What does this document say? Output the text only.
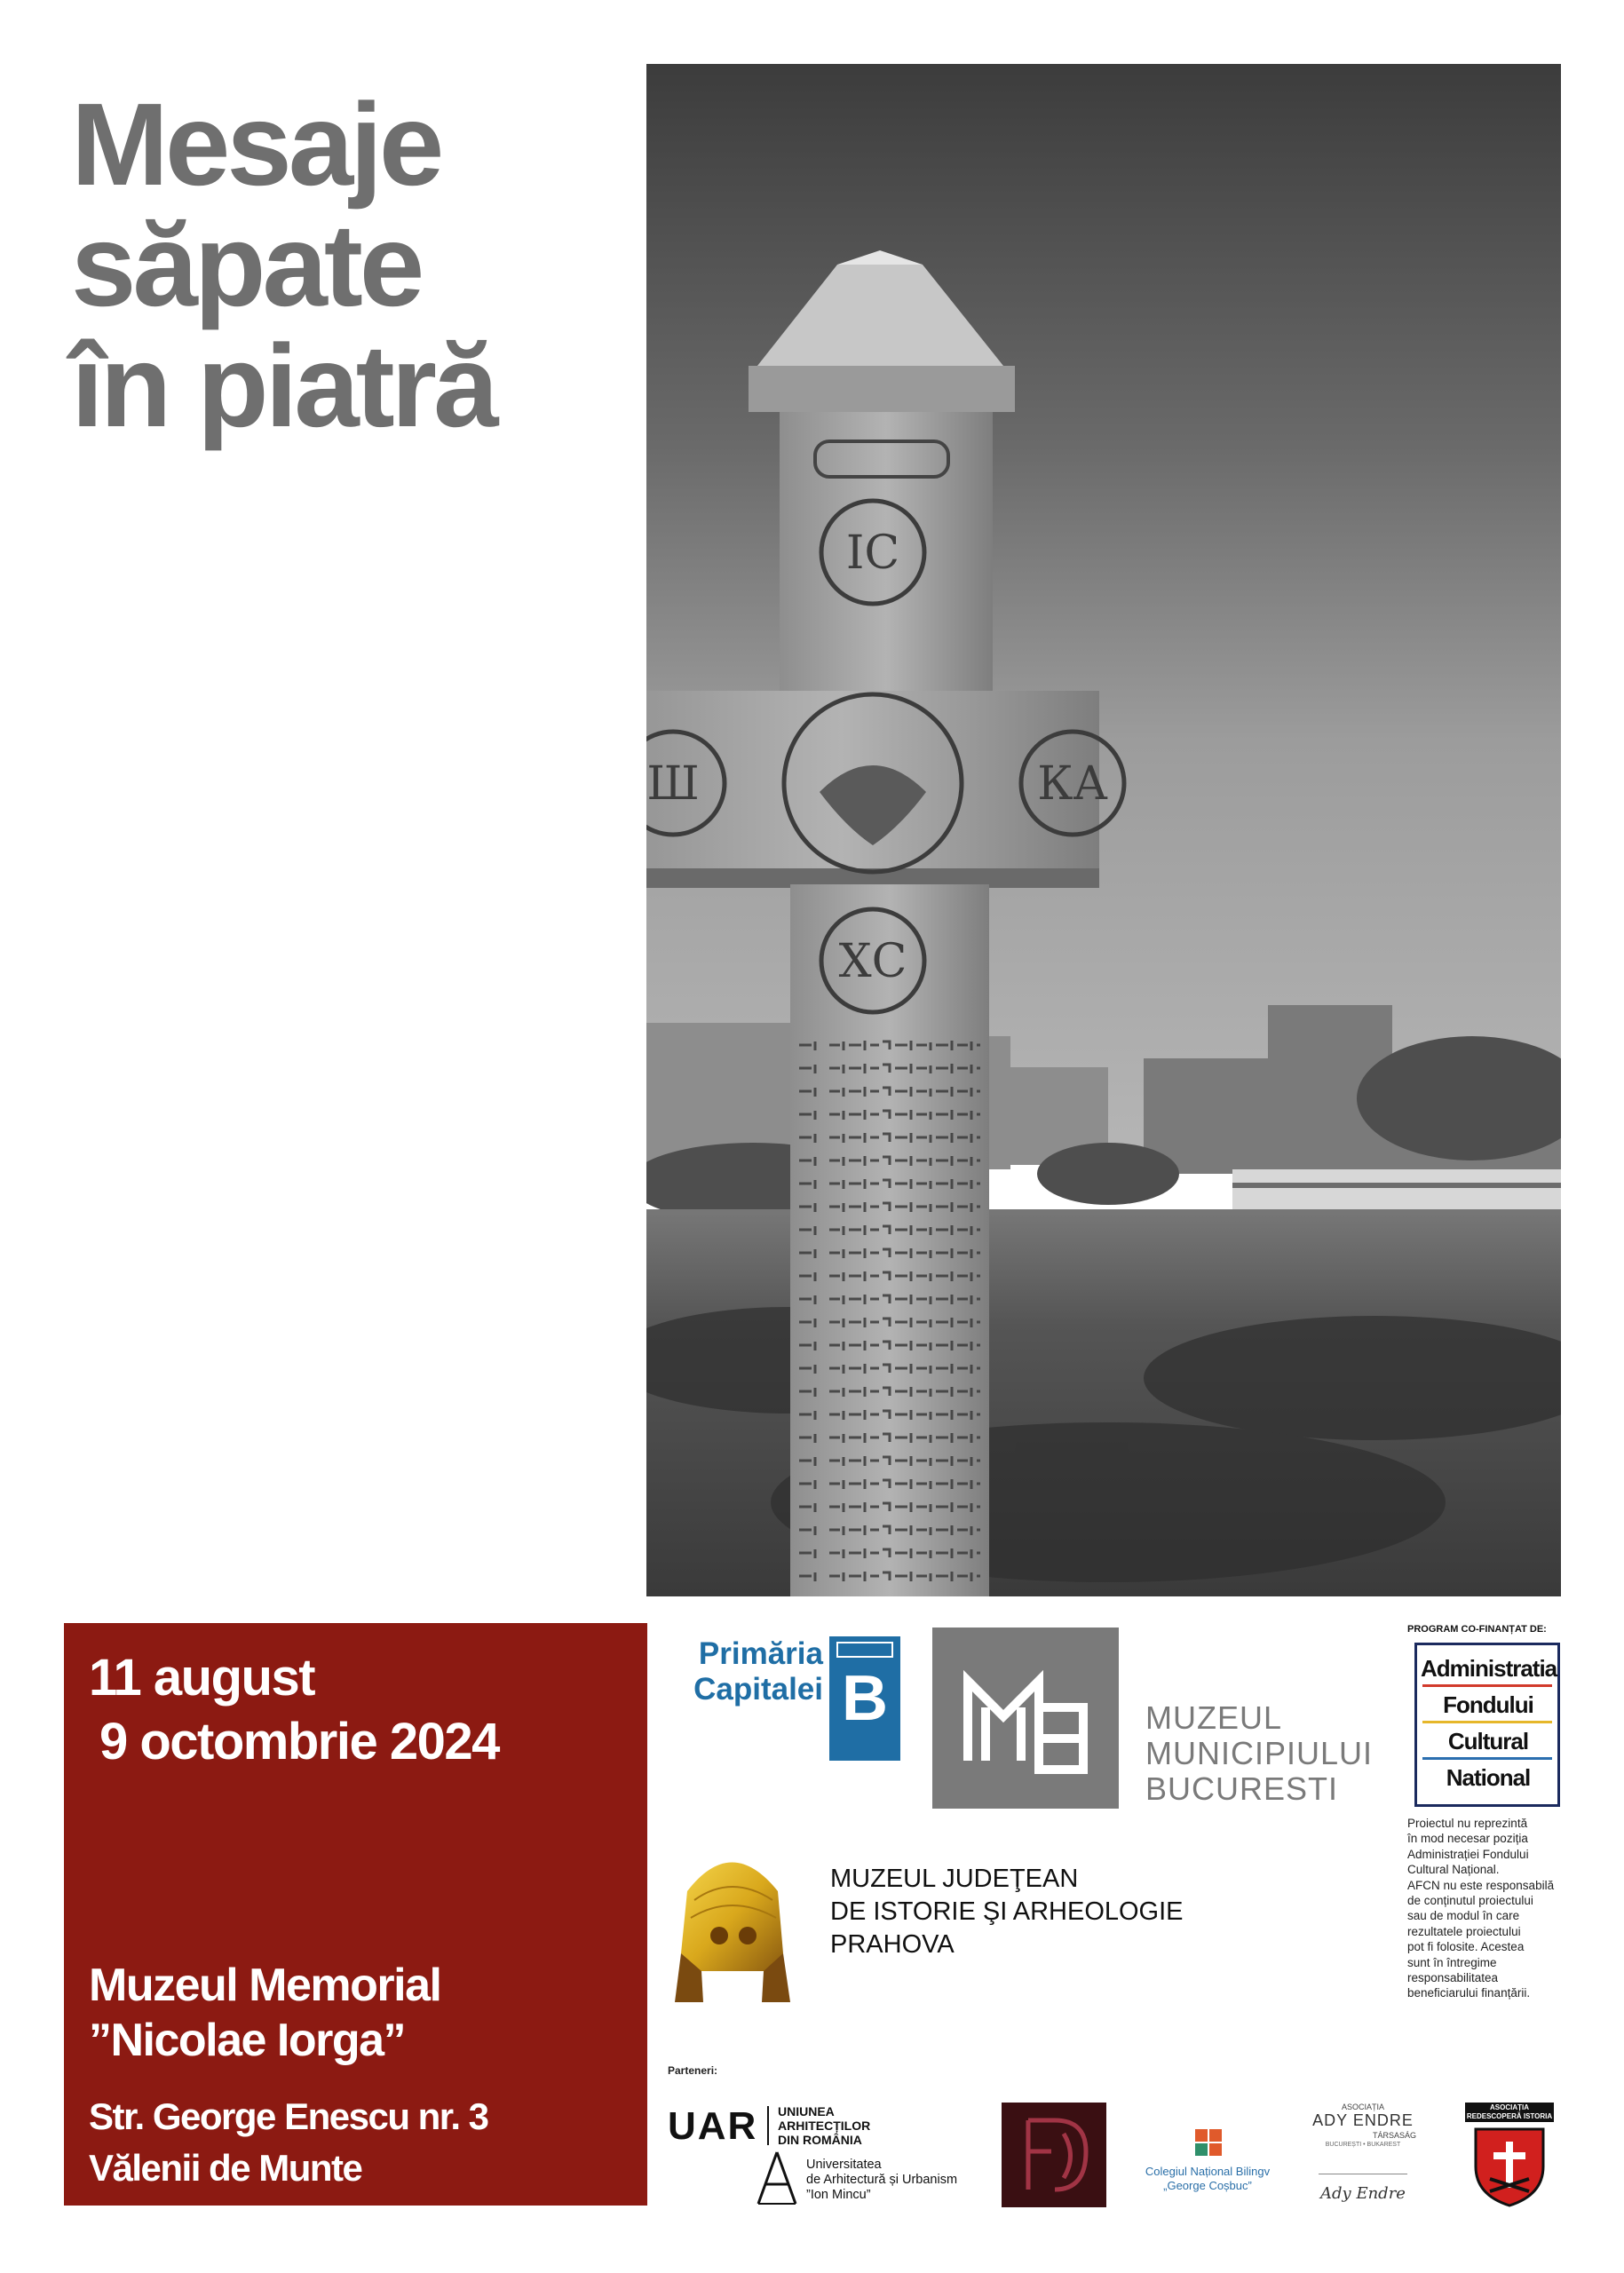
ІС
ХС
КА
Ш
Mesaje
săpate
în piatră
11 august
9 octombrie 2024
Muzeul Memorial
”Nicolae Iorga”
Str. George Enescu nr. 3
Vălenii de Munte
Primăria
Capitalei B	MUZEUL
MUNICIPIULUI
BUCURESTI
PROGRAM CO-FINANȚAT DE:
Administratia
Fondului
Cultural
National
Proiectul nu reprezintă
în mod necesar poziția
Administrației Fondului
Cultural Național.
AFCN nu este responsabilă
de conținutul proiectului
sau de modul în care
rezultatele proiectului
pot fi folosite. Acestea
sunt în întregime
responsabilitatea
beneficiarului finanțării.
MUZEUL JUDEŢEAN
DE ISTORIE ŞI ARHEOLOGIE
PRAHOVA
Parteneri:
UAR UNIUNEA
ARHITECȚILOR
DIN ROMÂNIA
Universitatea
de Arhitectură și Urbanism
”Ion Mincu”
Colegiul Național Bilingv
„George Coșbuc”
ASOCIAȚIA
ADY ENDRE
TÁRSASÁG
BUCUREȘTI • BUKAREST
Ady Endre
ASOCIAȚIA
REDESCOPERĂ ISTORIA
